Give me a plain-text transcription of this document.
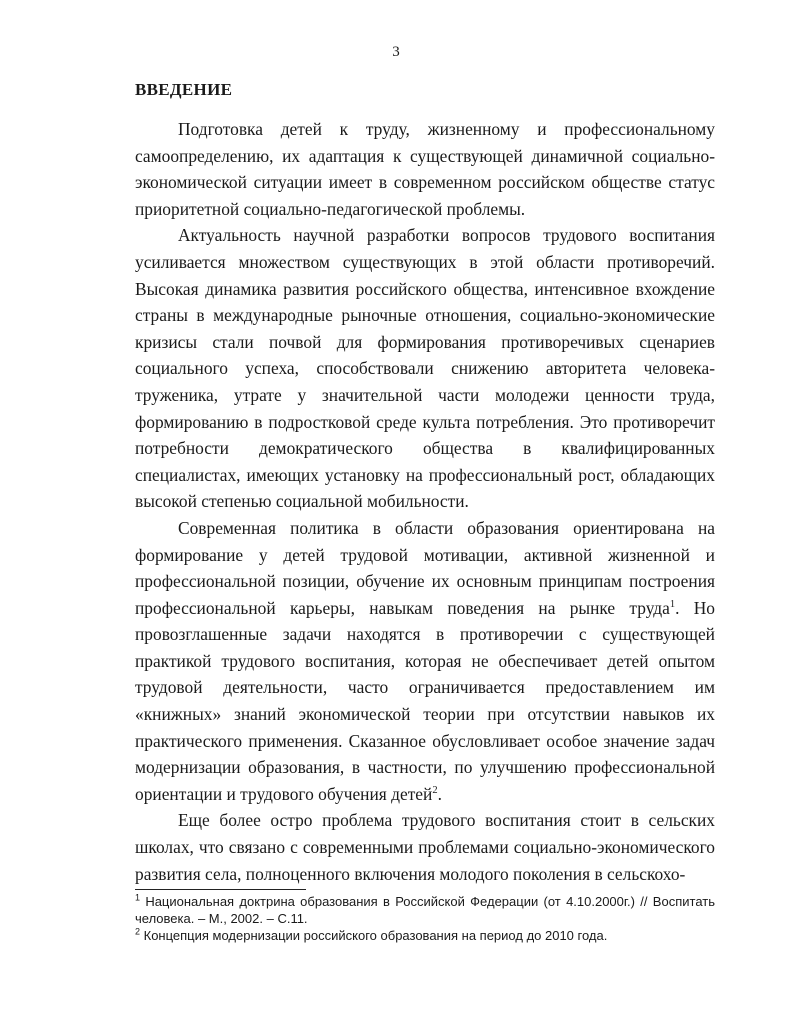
3
ВВЕДЕНИЕ

Подготовка детей к труду, жизненному и профессиональному самоопределению, их адаптация к существующей динамичной социально-экономической ситуации имеет в современном российском обществе статус приоритетной социально-педагогической проблемы.

Актуальность научной разработки вопросов трудового воспитания усиливается множеством существующих в этой области противоречий. Высокая динамика развития российского общества, интенсивное вхождение страны в международные рыночные отношения, социально-экономические кризисы стали почвой для формирования противоречивых сценариев социального успеха, способствовали снижению авторитета человека-труженика, утрате у значительной части молодежи ценности труда, формированию в подростковой среде культа потребления. Это противоречит потребности демократического общества в квалифицированных специалистах, имеющих установку на профессиональный рост, обладающих высокой степенью социальной мобильности.

Современная политика в области образования ориентирована на формирование у детей трудовой мотивации, активной жизненной и профессиональной позиции, обучение их основным принципам построения профессиональной карьеры, навыкам поведения на рынке труда$^1$. Но провозглашенные задачи находятся в противоречии с существующей практикой трудового воспитания, которая не обеспечивает детей опытом трудовой деятельности, часто ограничивается предоставлением им «книжных» знаний экономической теории при отсутствии навыков их практического применения. Сказанное обусловливает особое значение задач модернизации образования, в частности, по улучшению профессиональной ориентации и трудового обучения детей$^2$.

Еще более остро проблема трудового воспитания стоит в сельских школах, что связано с современными проблемами социально-экономического развития села, полноценного включения молодого поколения в сельскохо-

$^1$ Национальная доктрина образования в Российской Федерации (от 4.10.2000г.) // Воспитать человека. – М., 2002. – С.11.

$^2$ Концепция модернизации российского образования на период до 2010 года.
